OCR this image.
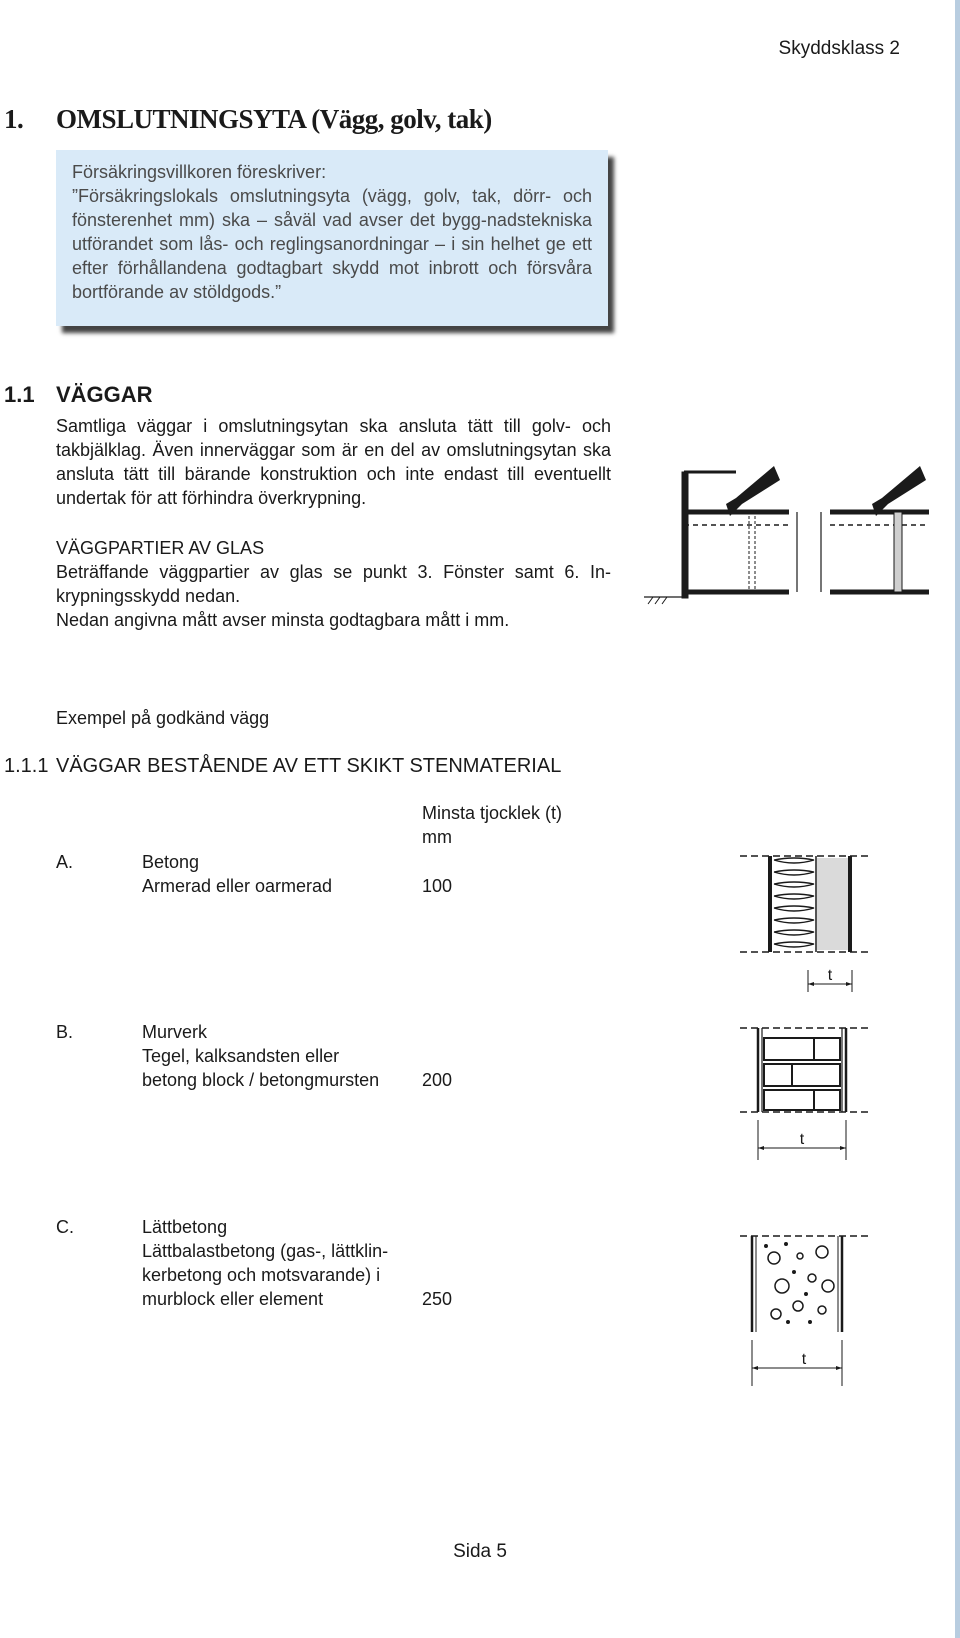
Skyddsklass 2
1. OMSLUTNINGSYTA (Vägg, golv, tak)

Försäkringsvillkoren föreskriver:

”Försäkringslokals omslutningsyta (vägg, golv, tak, dörr- och fönsterenhet mm) ska – såväl vad avser det bygg-nadstekniska utförandet som lås- och reglingsanordningar – i sin helhet ge ett efter förhållandena godtagbart skydd mot inbrott och försvåra bortförande av stöldgods.”

1.1 VÄGGAR

Samtliga väggar i omslutningsytan ska ansluta tätt till golv- och takbjälklag. Även innerväggar som är en del av omslutningsytan ska ansluta tätt till bärande konstruktion och inte endast till eventuellt undertak för att förhindra överkrypning.

VÄGGPARTIER AV GLAS

Beträffande väggpartier av glas se punkt 3. Fönster samt 6. In-krypningsskydd nedan.

Nedan angivna mått avser minsta godtagbara mått i mm.

Exempel på godkänd vägg
1.1.1 VÄGGAR BESTÅENDE AV ETT SKIKT STENMATERIAL
Minsta tjocklek (t)
mm
A.	Betong
Armerad eller oarmerad	100
B.	Murverk
Tegel, kalksandsten eller
betong block / betongmursten 200
C.	Lättbetong
Lättbalastbetong (gas-, lättklin-
kerbetong och motsvarande) i
murblock eller element	250
t
t
t
Sida 5
